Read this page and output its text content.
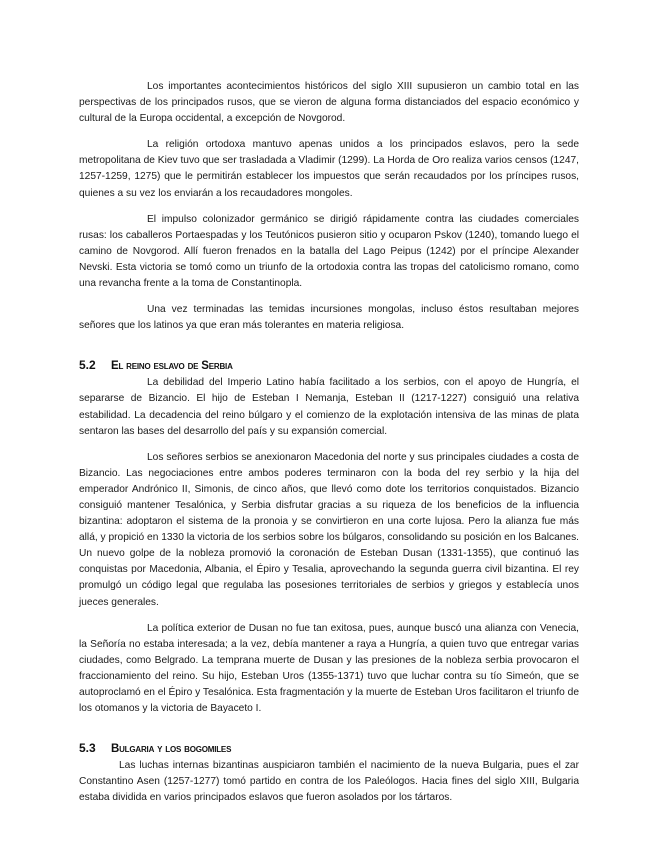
Los importantes acontecimientos históricos del siglo XIII supusieron un cambio total en las perspectivas de los principados rusos, que se vieron de alguna forma distanciados del espacio económico y cultural de la Europa occidental, a excepción de Novgorod.

La religión ortodoxa mantuvo apenas unidos a los principados eslavos, pero la sede metropolitana de Kiev tuvo que ser trasladada a Vladimir (1299). La Horda de Oro realiza varios censos (1247, 1257-1259, 1275) que le permitirán establecer los impuestos que serán recaudados por los príncipes rusos, quienes a su vez los enviarán a los recaudadores mongoles.

El impulso colonizador germánico se dirigió rápidamente contra las ciudades comerciales rusas: los caballeros Portaespadas y los Teutónicos pusieron sitio y ocuparon Pskov (1240), tomando luego el camino de Novgorod. Allí fueron frenados en la batalla del Lago Peipus (1242) por el príncipe Alexander Nevski. Esta victoria se tomó como un triunfo de la ortodoxia contra las tropas del catolicismo romano, como una revancha frente a la toma de Constantinopla.

Una vez terminadas las temidas incursiones mongolas, incluso éstos resultaban mejores señores que los latinos ya que eran más tolerantes en materia religiosa.

5.2 El reino eslavo de Serbia

La debilidad del Imperio Latino había facilitado a los serbios, con el apoyo de Hungría, el separarse de Bizancio. El hijo de Esteban I Nemanja, Esteban II (1217-1227) consiguió una relativa estabilidad. La decadencia del reino búlgaro y el comienzo de la explotación intensiva de las minas de plata sentaron las bases del desarrollo del país y su expansión comercial.

Los señores serbios se anexionaron Macedonia del norte y sus principales ciudades a costa de Bizancio. Las negociaciones entre ambos poderes terminaron con la boda del rey serbio y la hija del emperador Andrónico II, Simonis, de cinco años, que llevó como dote los territorios conquistados. Bizancio consiguió mantener Tesalónica, y Serbia disfrutar gracias a su riqueza de los beneficios de la influencia bizantina: adoptaron el sistema de la pronoia y se convirtieron en una corte lujosa. Pero la alianza fue más allá, y propició en 1330 la victoria de los serbios sobre los búlgaros, consolidando su posición en los Balcanes. Un nuevo golpe de la nobleza promovió la coronación de Esteban Dusan (1331-1355), que continuó las conquistas por Macedonia, Albania, el Épiro y Tesalia, aprovechando la segunda guerra civil bizantina. El rey promulgó un código legal que regulaba las posesiones territoriales de serbios y griegos y establecía unos jueces generales.

La política exterior de Dusan no fue tan exitosa, pues, aunque buscó una alianza con Venecia, la Señoría no estaba interesada; a la vez, debía mantener a raya a Hungría, a quien tuvo que entregar varias ciudades, como Belgrado. La temprana muerte de Dusan y las presiones de la nobleza serbia provocaron el fraccionamiento del reino. Su hijo, Esteban Uros (1355-1371) tuvo que luchar contra su tío Simeón, que se autoproclamó en el Épiro y Tesalónica. Esta fragmentación y la muerte de Esteban Uros facilitaron el triunfo de los otomanos y la victoria de Bayaceto I.

5.3 Bulgaria y los bogomiles

Las luchas internas bizantinas auspiciaron también el nacimiento de la nueva Bulgaria, pues el zar Constantino Asen (1257-1277) tomó partido en contra de los Paleólogos. Hacia fines del siglo XIII, Bulgaria estaba dividida en varios principados eslavos que fueron asolados por los tártaros.
